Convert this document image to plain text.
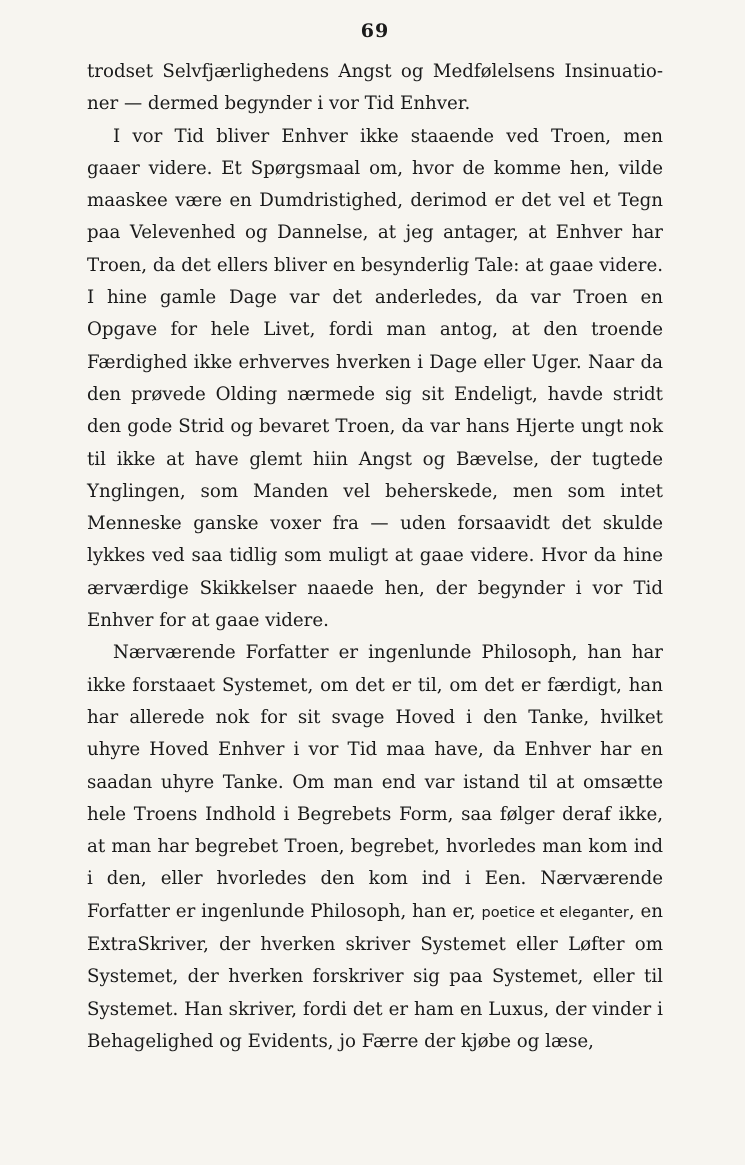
69

trodset Selvfjærlighedens Angst og Medfølelsens Insinuationer — dermed begynder i vor Tid Enhver.

I vor Tid bliver Enhver ikke staaende ved Troen, men gaaer videre. Et Spørgsmaal om, hvor de komme hen, vilde maaskee være en Dumdristighed, derimod er det vel et Tegn paa Velevenhed og Dannelse, at jeg antager, at Enhver har Troen, da det ellers bliver en besynderlig Tale: at gaae videre. I hine gamle Dage var det anderledes, da var Troen en Opgave for hele Livet, fordi man antog, at den troende Færdighed ikke erhverves hverken i Dage eller Uger. Naar da den prøvede Olding nærmede sig sit Endeligt, havde stridt den gode Strid og bevaret Troen, da var hans Hjerte ungt nok til ikke at have glemt hiin Angst og Bævelse, der tugtede Ynglingen, som Manden vel beherskede, men som intet Menneske ganske voxer fra — uden forsaavidt det skulde lykkes ved saa tidlig som muligt at gaae videre. Hvor da hine ærværdige Skikkelser naaede hen, der begynder i vor Tid Enhver for at gaae videre.

Nærværende Forfatter er ingenlunde Philosoph, han har ikke forstaaet Systemet, om det er til, om det er færdigt, han har allerede nok for sit svage Hoved i den Tanke, hvilket uhyre Hoved Enhver i vor Tid maa have, da Enhver har en saadan uhyre Tanke. Om man end var istand til at omsætte hele Troens Indhold i Begrebets Form, saa følger deraf ikke, at man har begrebet Troen, begrebet, hvorledes man kom ind i den, eller hvorledes den kom ind i Een. Nærværende Forfatter er ingenlunde Philosoph, han er, poetice et eleganter, en ExtraSkriver, der hverken skriver Systemet eller Løfter om Systemet, der hverken forskriver sig paa Systemet, eller til Systemet. Han skriver, fordi det er ham en Luxus, der vinder i Behagelighed og Evidents, jo Færre der kjøbe og læse,
